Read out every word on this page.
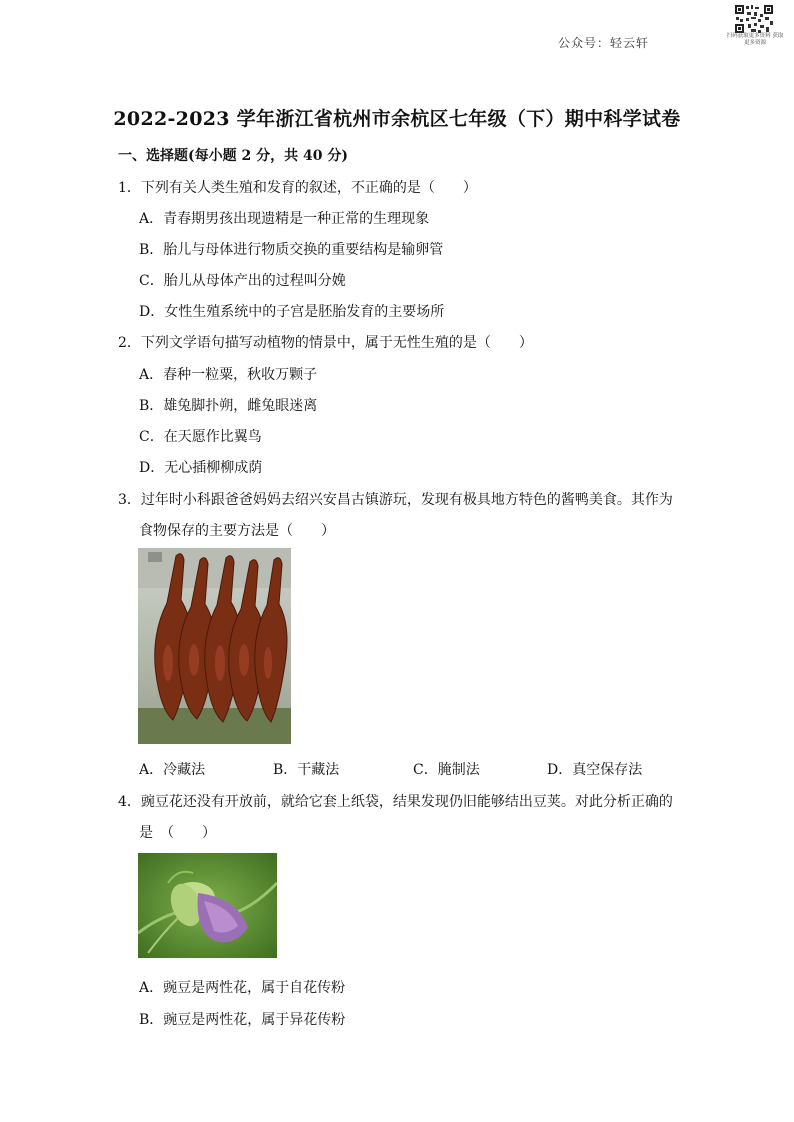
公众号：轻云轩	扫码获取更多资料 获取更多资源
2022-2023 学年浙江省杭州市余杭区七年级（下）期中科学试卷
一、选择题(每小题 2 分，共 40 分)
1．下列有关人类生殖和发育的叙述，不正确的是（　　）
A．青春期男孩出现遗精是一种正常的生理现象
B．胎儿与母体进行物质交换的重要结构是输卵管
C．胎儿从母体产出的过程叫分娩
D．女性生殖系统中的子宫是胚胎发育的主要场所
2．下列文学语句描写动植物的情景中，属于无性生殖的是（　　）
A．春种一粒粟，秋收万颗子
B．雄兔脚扑朔，雌兔眼迷离
C．在天愿作比翼鸟
D．无心插柳柳成荫
3．过年时小科跟爸爸妈妈去绍兴安昌古镇游玩，发现有极具地方特色的酱鸭美食。其作为
食物保存的主要方法是（　　）
A．冷藏法	B．干藏法	C．腌制法	D．真空保存法
4．豌豆花还没有开放前，就给它套上纸袋，结果发现仍旧能够结出豆荚。对此分析正确的
是　（　　）
A．豌豆是两性花，属于自花传粉
B．豌豆是两性花，属于异花传粉
